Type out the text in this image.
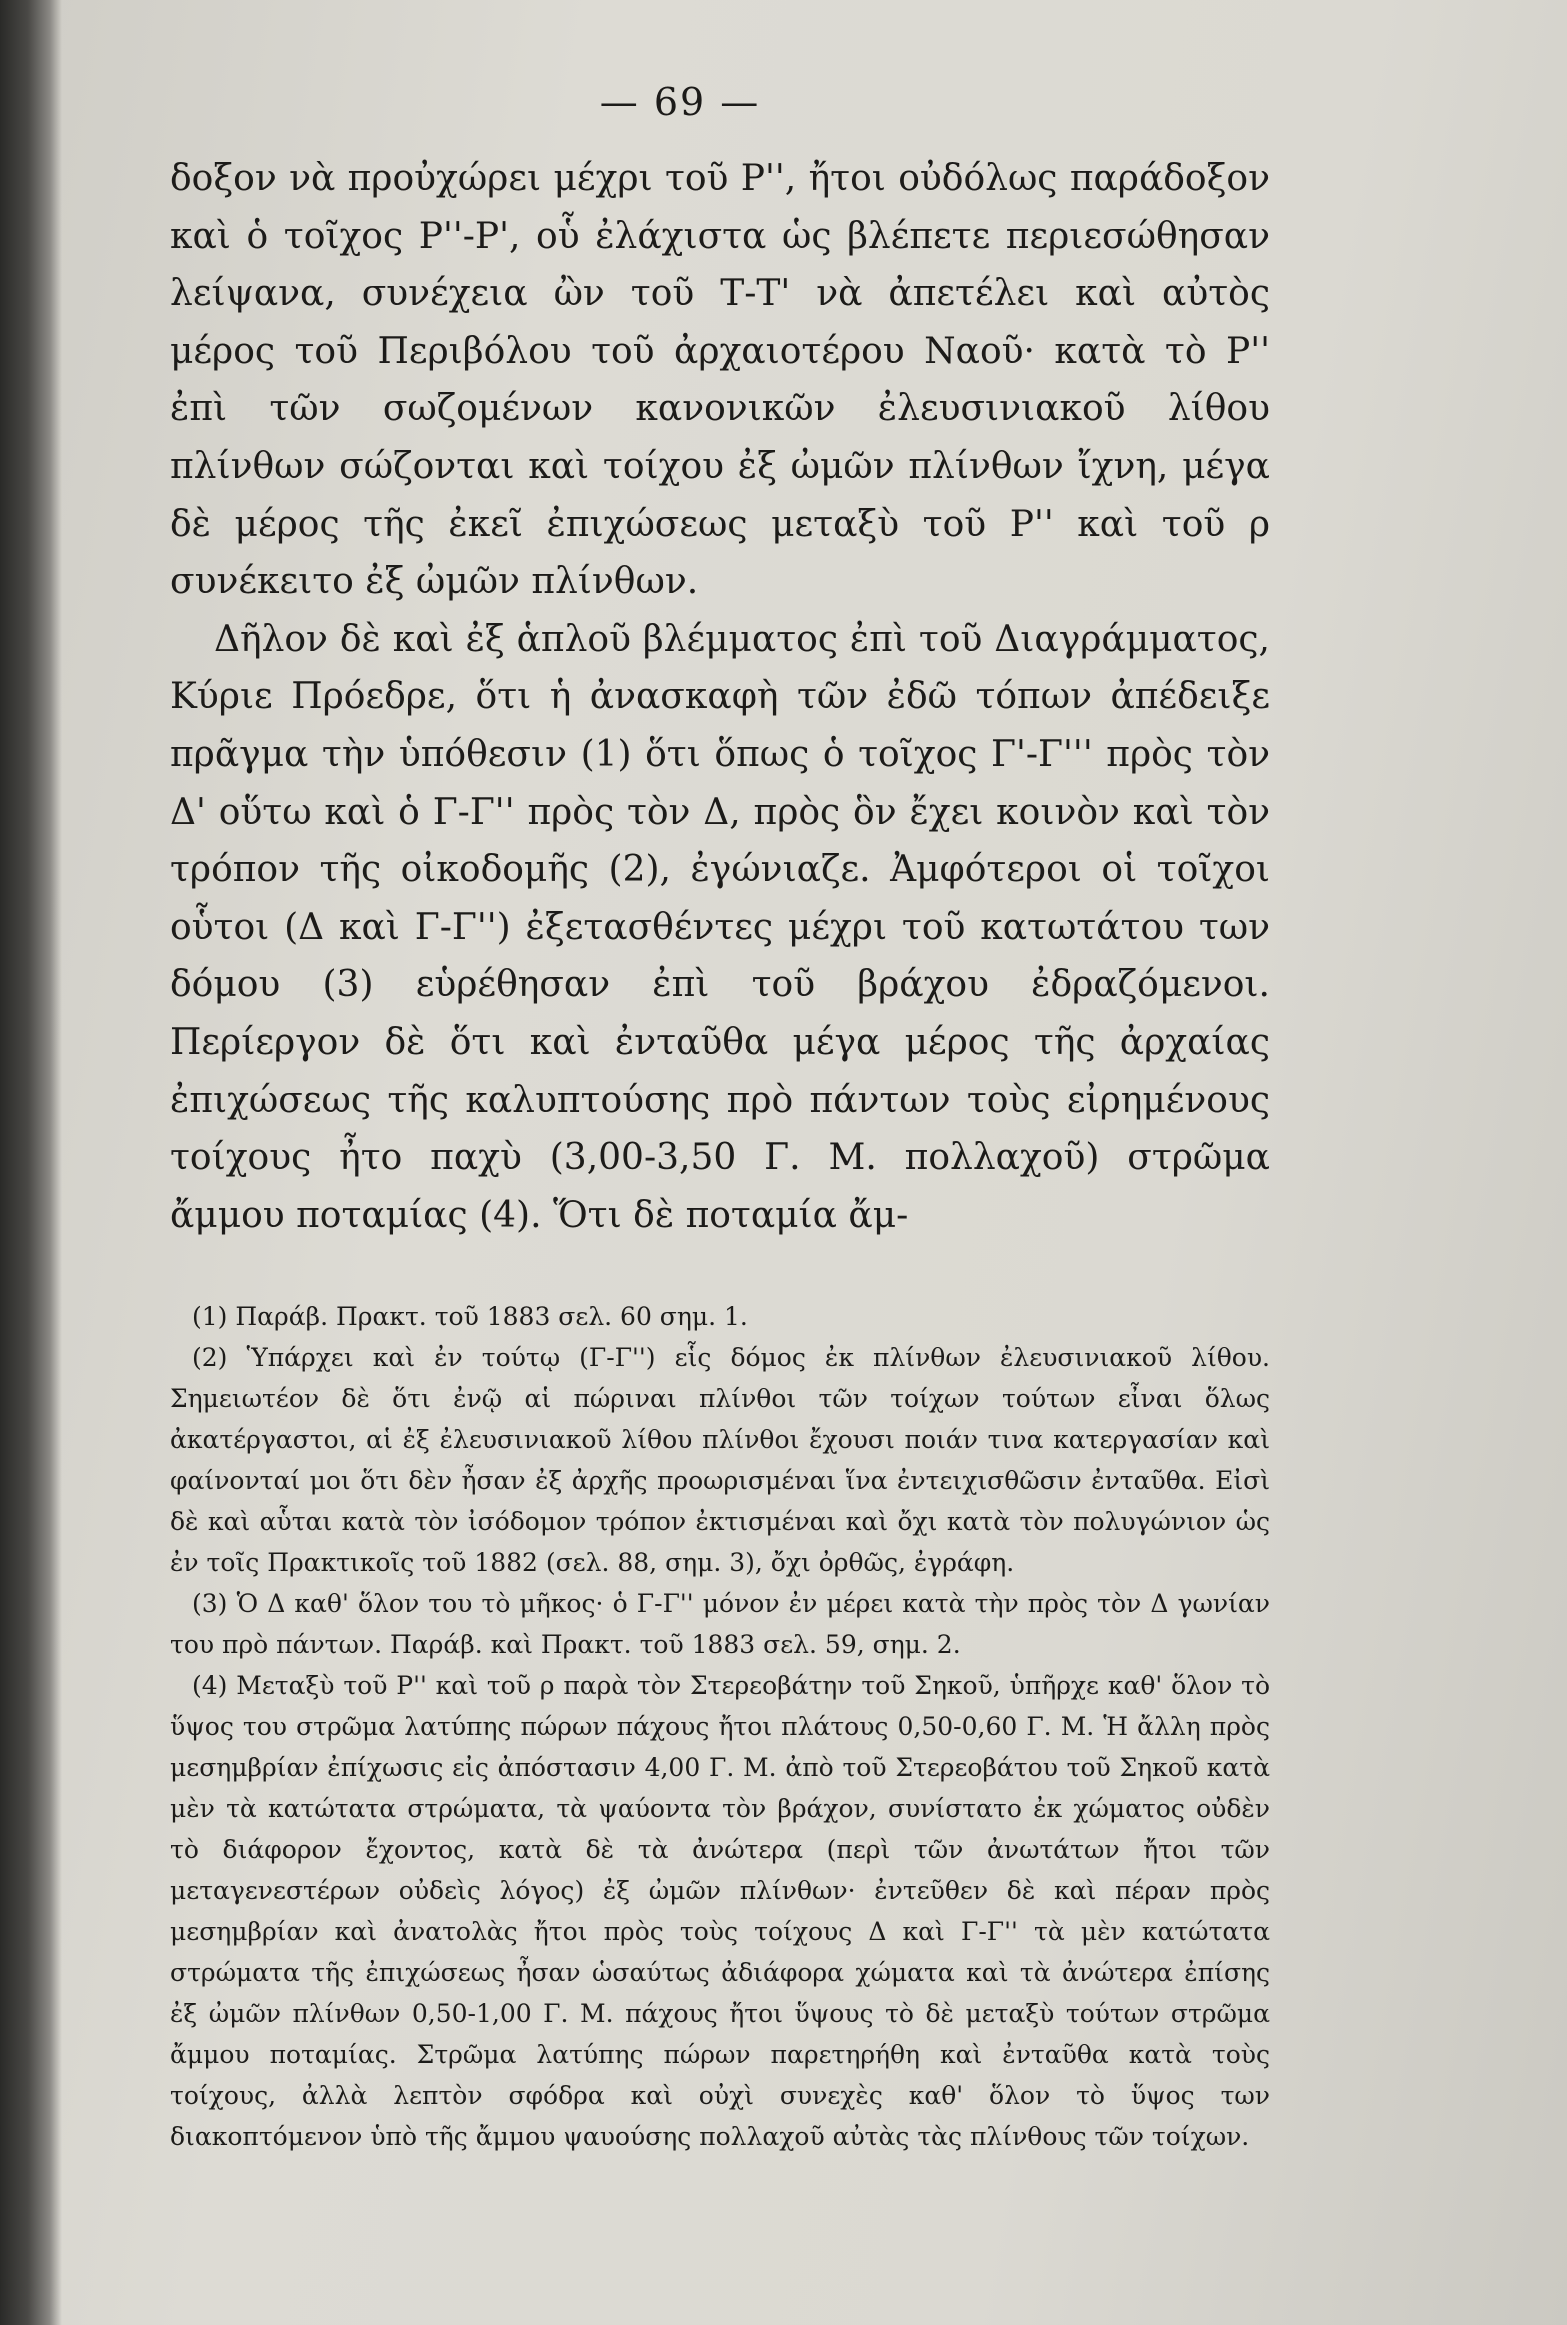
— 69 —

δοξον νὰ προὐχώρει μέχρι τοῦ Ρ'', ἤτοι οὐδόλως παράδοξον καὶ ὁ τοῖχος Ρ''-Ρ', οὗ ἐλάχιστα ὡς βλέπετε περιεσώθησαν λείψανα, συνέχεια ὢν τοῦ Τ-Τ' νὰ ἀπετέλει καὶ αὐτὸς μέρος τοῦ Περιβόλου τοῦ ἀρχαιοτέρου Ναοῦ· κατὰ τὸ Ρ'' ἐπὶ τῶν σωζομένων κανονικῶν ἐλευσινιακοῦ λίθου πλίνθων σώζονται καὶ τοίχου ἐξ ὠμῶν πλίνθων ἴχνη, μέγα δὲ μέρος τῆς ἐκεῖ ἐπιχώσεως μεταξὺ τοῦ Ρ'' καὶ τοῦ ρ συνέκειτο ἐξ ὠμῶν πλίνθων.

Δῆλον δὲ καὶ ἐξ ἁπλοῦ βλέμματος ἐπὶ τοῦ Διαγράμματος, Κύριε Πρόεδρε, ὅτι ἡ ἀνασκαφὴ τῶν ἐδῶ τόπων ἀπέδειξε πρᾶγμα τὴν ὑπόθεσιν (1) ὅτι ὅπως ὁ τοῖχος Γ'-Γ''' πρὸς τὸν Δ' οὕτω καὶ ὁ Γ-Γ'' πρὸς τὸν Δ, πρὸς ὃν ἔχει κοινὸν καὶ τὸν τρόπον τῆς οἰκοδομῆς (2), ἐγώνιαζε. Ἀμφότεροι οἱ τοῖχοι οὗτοι (Δ καὶ Γ-Γ'') ἐξετασθέντες μέχρι τοῦ κατωτάτου των δόμου (3) εὑρέθησαν ἐπὶ τοῦ βράχου ἐδραζόμενοι. Περίεργον δὲ ὅτι καὶ ἐνταῦθα μέγα μέρος τῆς ἀρχαίας ἐπιχώσεως τῆς καλυπτούσης πρὸ πάντων τοὺς εἰρημένους τοίχους ἦτο παχὺ (3,00-3,50 Γ. Μ. πολλαχοῦ) στρῶμα ἄμμου ποταμίας (4). Ὅτι δὲ ποταμία ἄμ-

(1) Παράβ. Πρακτ. τοῦ 1883 σελ. 60 σημ. 1.

(2) Ὑπάρχει καὶ ἐν τούτῳ (Γ-Γ'') εἷς δόμος ἐκ πλίνθων ἐλευσινιακοῦ λίθου. Σημειωτέον δὲ ὅτι ἐνῷ αἱ πώριναι πλίνθοι τῶν τοίχων τούτων εἶναι ὅλως ἀκατέργαστοι, αἱ ἐξ ἐλευσινιακοῦ λίθου πλίνθοι ἔχουσι ποιάν τινα κατεργασίαν καὶ φαίνονταί μοι ὅτι δὲν ἦσαν ἐξ ἀρχῆς προωρισμέναι ἵνα ἐντειχισθῶσιν ἐνταῦθα. Εἰσὶ δὲ καὶ αὗται κατὰ τὸν ἰσόδομον τρόπον ἐκτισμέναι καὶ ὄχι κατὰ τὸν πολυγώνιον ὡς ἐν τοῖς Πρακτικοῖς τοῦ 1882 (σελ. 88, σημ. 3), ὄχι ὀρθῶς, ἐγράφη.

(3) Ὁ Δ καθ' ὅλον του τὸ μῆκος· ὁ Γ-Γ'' μόνον ἐν μέρει κατὰ τὴν πρὸς τὸν Δ γωνίαν του πρὸ πάντων. Παράβ. καὶ Πρακτ. τοῦ 1883 σελ. 59, σημ. 2.

(4) Μεταξὺ τοῦ Ρ'' καὶ τοῦ ρ παρὰ τὸν Στερεοβάτην τοῦ Σηκοῦ, ὑπῆρχε καθ' ὅλον τὸ ὕψος του στρῶμα λατύπης πώρων πάχους ἤτοι πλάτους 0,50-0,60 Γ. Μ. Ἡ ἄλλη πρὸς μεσημβρίαν ἐπίχωσις εἰς ἀπόστασιν 4,00 Γ. Μ. ἀπὸ τοῦ Στερεοβάτου τοῦ Σηκοῦ κατὰ μὲν τὰ κατώτατα στρώματα, τὰ ψαύοντα τὸν βράχον, συνίστατο ἐκ χώματος οὐδὲν τὸ διάφορον ἔχοντος, κατὰ δὲ τὰ ἀνώτερα (περὶ τῶν ἀνωτάτων ἤτοι τῶν μεταγενεστέρων οὐδεὶς λόγος) ἐξ ὠμῶν πλίνθων· ἐντεῦθεν δὲ καὶ πέραν πρὸς μεσημβρίαν καὶ ἀνατολὰς ἤτοι πρὸς τοὺς τοίχους Δ καὶ Γ-Γ'' τὰ μὲν κατώτατα στρώματα τῆς ἐπιχώσεως ἦσαν ὡσαύτως ἀδιάφορα χώματα καὶ τὰ ἀνώτερα ἐπίσης ἐξ ὠμῶν πλίνθων 0,50-1,00 Γ. Μ. πάχους ἤτοι ὕψους τὸ δὲ μεταξὺ τούτων στρῶμα ἄμμου ποταμίας. Στρῶμα λατύπης πώρων παρετηρήθη καὶ ἐνταῦθα κατὰ τοὺς τοίχους, ἀλλὰ λεπτὸν σφόδρα καὶ οὐχὶ συνεχὲς καθ' ὅλον τὸ ὕψος των διακοπτόμενον ὑπὸ τῆς ἄμμου ψαυούσης πολλαχοῦ αὐτὰς τὰς πλίνθους τῶν τοίχων.
